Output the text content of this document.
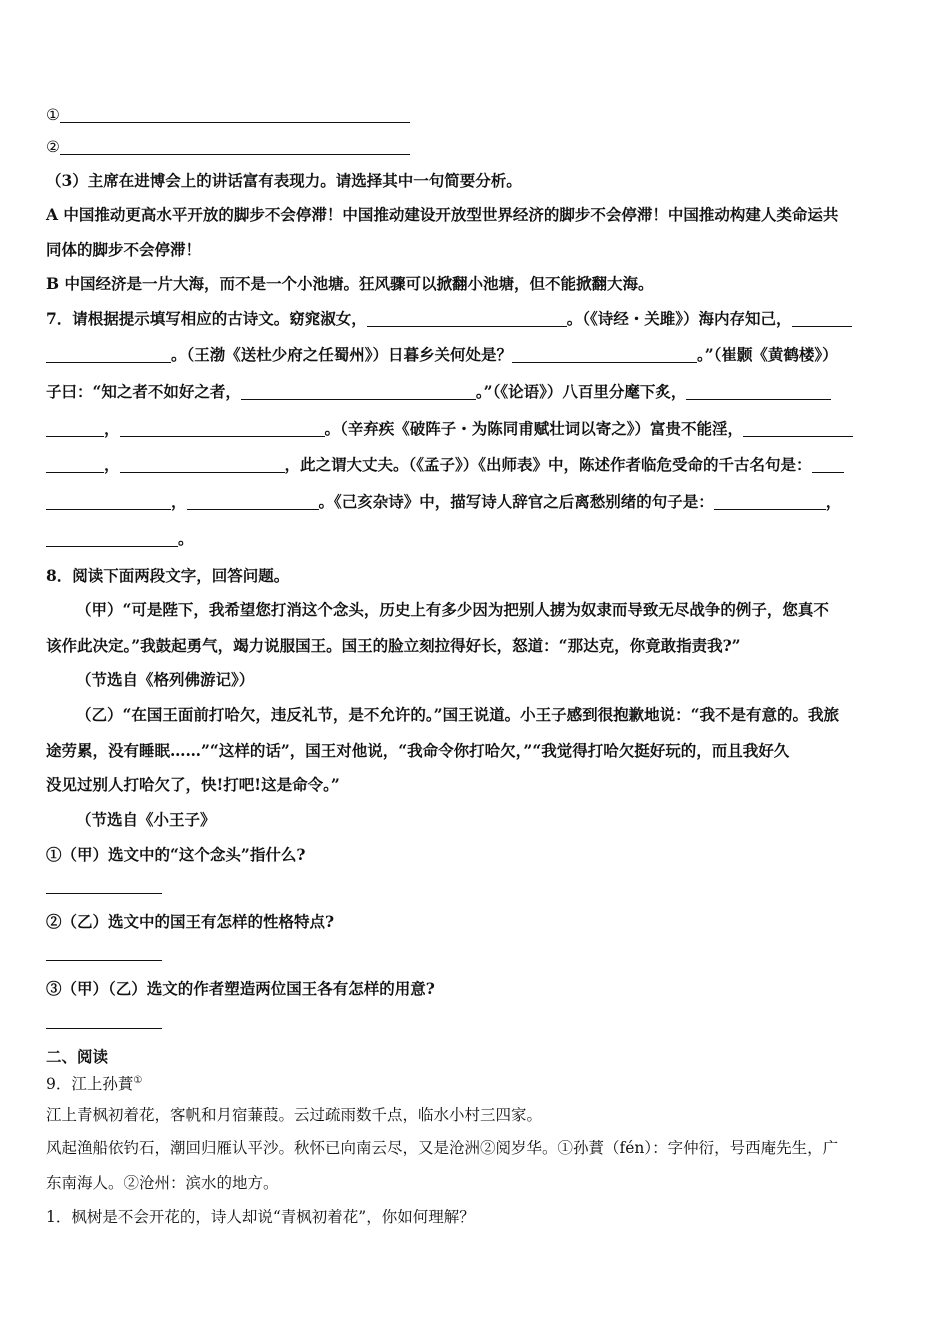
①
②
（3）主席在进博会上的讲话富有表现力。请选择其中一句简要分析。
A 中国推动更高水平开放的脚步不会停滞！中国推动建设开放型世界经济的脚步不会停滞！中国推动构建人类命运共
同体的脚步不会停滞！
B 中国经济是一片大海，而不是一个小池塘。狂风骤可以掀翻小池塘，但不能掀翻大海。
7．请根据提示填写相应的古诗文。窈窕淑女，	。（《诗经・关雎》）海内存知己，
。（王渤《送杜少府之任蜀州》）日暮乡关何处是？	。”（崔颢《黄鹤楼》）
子曰：“知之者不如好之者，	。”（《论语》）八百里分麾下炙，
，	。（辛弃疾《破阵子・为陈同甫赋壮词以寄之》）富贵不能淫，
，	，此之谓大丈夫。（《孟子》）《出师表》中，陈述作者临危受命的千古名句是：
，	。《己亥杂诗》中，描写诗人辞官之后离愁别绪的句子是：	，
。
8．阅读下面两段文字，回答问题。
（甲）“可是陛下，我希望您打消这个念头，历史上有多少因为把别人掳为奴隶而导致无尽战争的例子，您真不
该作此决定。”我鼓起勇气，竭力说服国王。国王的脸立刻拉得好长，怒道：“那达克，你竟敢指责我?”
（节选自《格列佛游记》）
（乙）“在国王面前打哈欠，违反礼节，是不允许的。”国王说道。小王子感到很抱歉地说：“我不是有意的。我旅
途劳累，没有睡眠……”“这样的话”，国王对他说，“我命令你打哈欠，”“我觉得打哈欠挺好玩的，而且我好久
没见过别人打哈欠了，快!打吧!这是命令。”
（节选自《小王子》
①（甲）选文中的“这个念头”指什么?
②（乙）选文中的国王有怎样的性格特点?
③（甲）（乙）选文的作者塑造两位国王各有怎样的用意?
二、阅读
9．江上孙蕡①
江上青枫初着花，客帆和月宿蒹葭。云过疏雨数千点，临水小村三四家。
风起渔船依钓石，潮回归雁认平沙。秋怀已向南云尽，又是沧洲②阅岁华。①孙蕡（fén）：字仲衍，号西庵先生，广
东南海人。②沧州：滨水的地方。
1．枫树是不会开花的，诗人却说“青枫初着花”，你如何理解？
